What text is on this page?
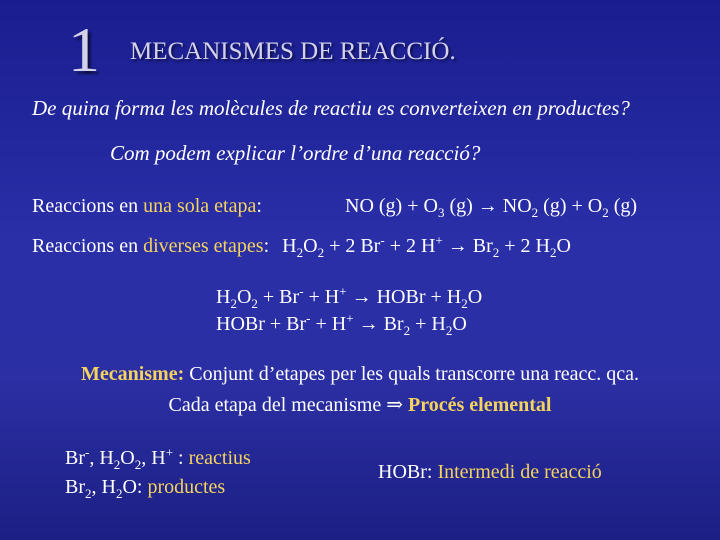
1 MECANISMES DE REACCIÓ.
De quina forma les molècules de reactiu es converteixen en productes?
Com podem explicar l’ordre d’una reacció?
Reaccions en una sola etapa:	NO $(g) + O_3$ $(g) \to NO_2$ $(g) + O_2$ (g)
Reaccions en diverses etapes: $H_2O_2 + 2$ Br- + 2 $H^+ \to Br_2 + 2$ $H_2O$
$H_2O_2 + Br^- + H^+$ → HOBr + $H_2O$
HOBr + $Br^- + H^+ \to Br_2 + H_2O$
Mecanisme: Conjunt d’etapes per les quals transcorre una reacc. qca.
Cada etapa del mecanisme ⇒ Procés elemental
Br-, $H_2O_2$, H+ : reactius
$Br_2$, $H_2O$: productes
HOBr: Intermedi de reacció
